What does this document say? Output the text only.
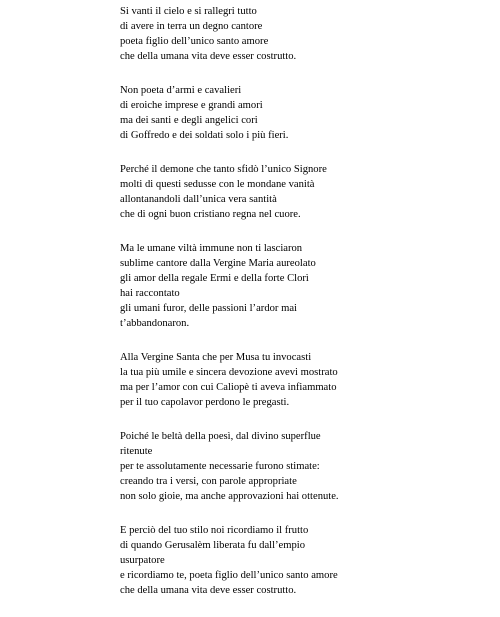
Si vanti il cielo e si rallegri tutto
di avere in terra un degno cantore
poeta figlio dell’unico santo amore
che della umana vita deve esser costrutto.
Non poeta d’armi e cavalieri
di eroiche imprese e grandi amori
ma dei santi e degli angelici cori
di Goffredo e dei soldati solo i più fieri.
Perché il demone che tanto sfidò l’unico Signore
molti di questi sedusse con le mondane vanità
allontanandoli dall’unica vera santità
che di ogni buon cristiano regna nel cuore.
Ma le umane viltà immune non ti lasciaron
sublime cantore dalla Vergine Maria aureolato
gli amor della regale Ermi e della forte Clorì
hai raccontato
gli umani furor, delle passioni l’ardor mai
t’abbandonaron.
Alla Vergine Santa che per Musa tu invocasti
la tua più umile e sincera devozione avevi mostrato
ma per l’amor con cui Caliopè ti aveva infiammato
per il tuo capolavor perdono le pregasti.
Poiché le beltà della poesì, dal divino superflue
ritenute
per te assolutamente necessarie furono stimate:
creando tra i versi, con parole appropriate
non solo gioie, ma anche approvazioni hai ottenute.
E perciò del tuo stilo noi ricordiamo il frutto
di quando Gerusalèm liberata fu dall’empio
usurpatore
e ricordiamo te, poeta figlio dell’unico santo amore
che della umana vita deve esser costrutto.
